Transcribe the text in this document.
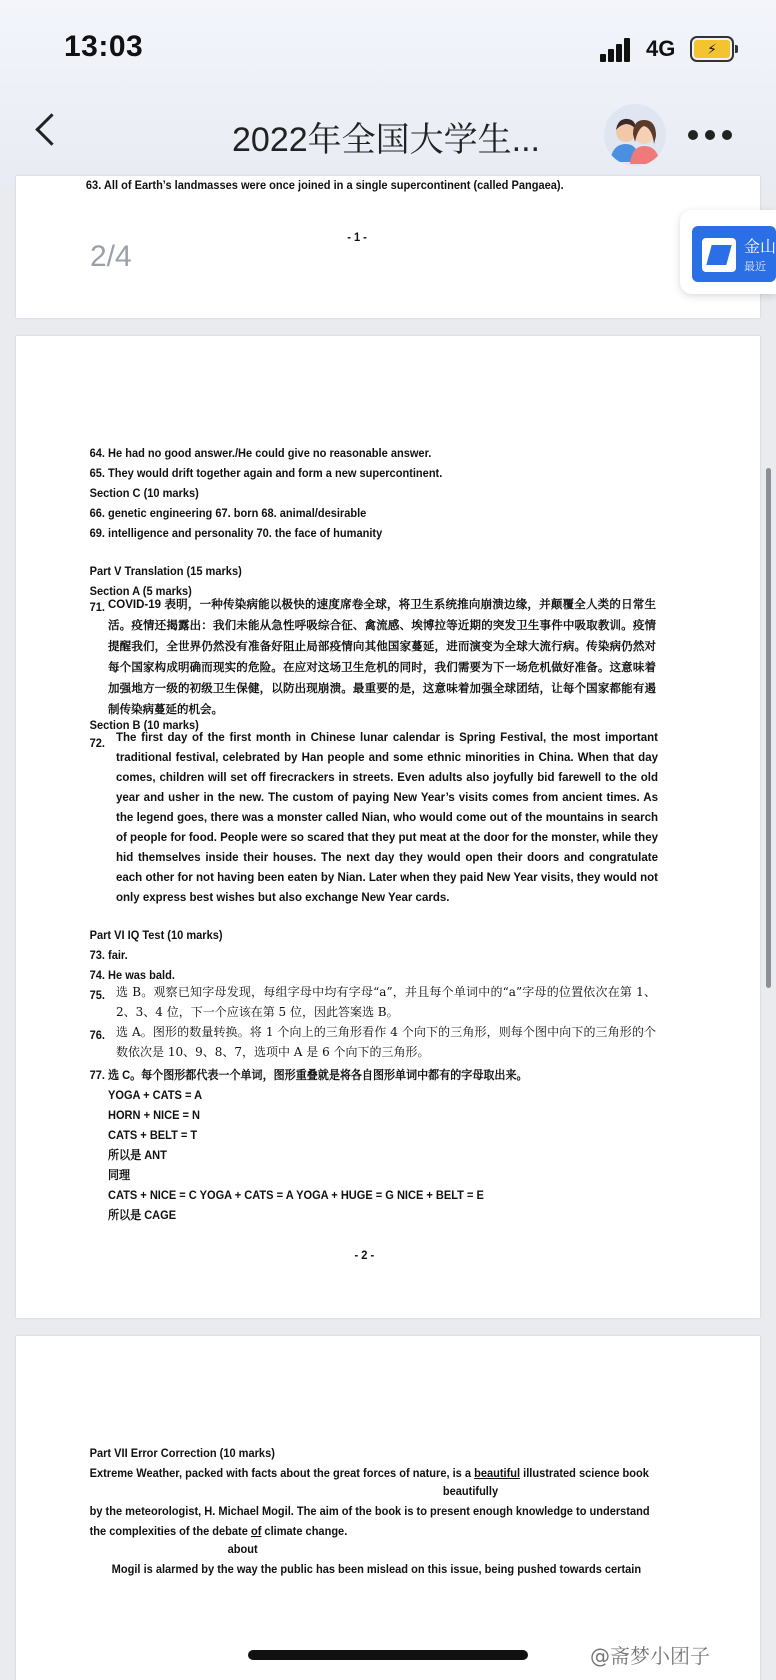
13:03	4G	⚡
2022年全国大学生...
63. All of Earth’s landmasses were once joined in a single supercontinent (called Pangaea).
- 1 -
2/4	金山
最近
64. He had no good answer./He could give no reasonable answer.
65. They would drift together again and form a new supercontinent.
Section C (10 marks)
66. genetic engineering 67. born 68. animal/desirable
69. intelligence and personality 70. the face of humanity
Part V Translation (15 marks)
Section A (5 marks)
71. COVID-19 表明，一种传染病能以极快的速度席卷全球，将卫生系统推向崩溃边缘，并颠覆全人类的日常生活。疫情还揭露出：我们未能从急性呼吸综合征、禽流感、埃博拉等近期的突发卫生事件中吸取教训。疫情提醒我们，全世界仍然没有准备好阻止局部疫情向其他国家蔓延，进而演变为全球大流行病。传染病仍然对每个国家构成明确而现实的危险。在应对这场卫生危机的同时，我们需要为下一场危机做好准备。这意味着加强地方一级的初级卫生保健，以防出现崩溃。最重要的是，这意味着加强全球团结，让每个国家都能有遏制传染病蔓延的机会。
Section B (10 marks)
72. The first day of the first month in Chinese lunar calendar is Spring Festival, the most important traditional festival, celebrated by Han people and some ethnic minorities in China. When that day comes, children will set off firecrackers in streets. Even adults also joyfully bid farewell to the old year and usher in the new. The custom of paying New Year’s visits comes from ancient times. As the legend goes, there was a monster called Nian, who would come out of the mountains in search of people for food. People were so scared that they put meat at the door for the monster, while they hid themselves inside their houses. The next day they would open their doors and congratulate each other for not having been eaten by Nian. Later when they paid New Year visits, they would not only express best wishes but also exchange New Year cards.
Part VI IQ Test (10 marks)
73. fair.
74. He was bald.
75. 选 B。观察已知字母发现，每组字母中均有字母“a”，并且每个单词中的“a”字母的位置依次在第 1、2、3、4 位，下一个应该在第 5 位，因此答案选 B。
76. 选 A。图形的数量转换。将 1 个向上的三角形看作 4 个向下的三角形，则每个图中向下的三角形的个数依次是 10、9、8、7，选项中 A 是 6 个向下的三角形。
77. 选 C。每个图形都代表一个单词，图形重叠就是将各自图形单词中都有的字母取出来。
YOGA + CATS = A
HORN + NICE = N
CATS + BELT = T
所以是 ANT
同理
CATS + NICE = C YOGA + CATS = A YOGA + HUGE = G NICE + BELT = E
所以是 CAGE
- 2 -
Part VII Error Correction (10 marks)
Extreme Weather, packed with facts about the great forces of nature, is a beautiful illustrated science book
beautifully
by the meteorologist, H. Michael Mogil. The aim of the book is to present enough knowledge to understand
the complexities of the debate of climate change.
about
Mogil is alarmed by the way the public has been mislead on this issue, being pushed towards certain
@斋梦小团子
